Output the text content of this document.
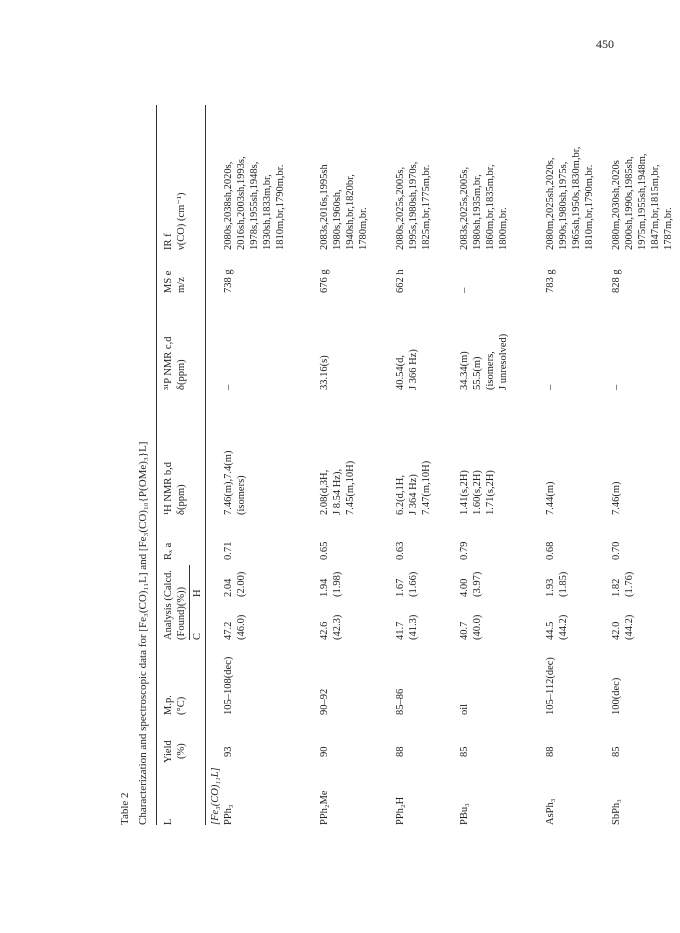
450
Table 2 Characterization and spectroscopic data for [Fe₃(CO)₁₁L] and [Fe₃(CO)₁₀{P(OMe)₃}L] L
Yield (%)
M.p. (°C)
Analysis (Calcd. (Found)(%)) C
H
Rₓ a
¹H NMR b,d δ(ppm)
³¹P NMR c,d δ(ppm)
MS e m/z
IR f ν(CO) (cm⁻¹)
[Fe₃(CO)₁₁L] PPh₃
93
105–108(dec)
47.2 (46.0)
2.04 (2.00)
0.71
7.46(m),7.4(m) (isomers)
–
738 g
2080s,2038sh,2020s, 2016sh,2003sh,1993s, 1978s,1955sh,1948s, 1930sh,1833m,br, 1810m,br,1790m,br.
PPh₂Me
90
90–92
42.6 (42.3)
1.94 (1.98)
0.65
2.08(d,3H, J 8.54 Hz), 7.45(m,10H)
33.16(s)
676 g
2083s,2016s,1995sh 1980s,1960sh, 1940sh,br,1820br, 1780m,br.
PPh₂H
88
85–86
41.7 (41.3)
1.67 (1.66)
0.63
6.2(d,1H, J 364 Hz) 7.47(m,10H)
40.54(d, J 366 Hz)
662 h
2080s,2025s,2005s, 1995s,1980sh,1970s, 1825m,br,1775m,br.
PBu₃
85
oil
40.7 (40.0)
4.00 (3.97)
0.79
1.41(s,2H) 1.60(s,2H) 1.71(s,2H)
34.34(m) 55.5(m) (isomers, J unresolved)
–
2083s,2025s,2005s, 1980sh,1935m,br, 1860m,br,1835m,br, 1800m,br.
AsPh₃
88
105–112(dec)
44.5 (44.2)
1.93 (1.85)
0.68
7.44(m)
–
783 g
2080m,2025sh,2020s, 1990s,1980sh,1975s, 1965sh,1950s,1830m,br, 1810m,br,1790m,br.
SbPh₃
85
100(dec)
42.0 (44.2)
1.82 (1.76)
0.70
7.46(m)
–
828 g
2080m,2030sh,2020s 2000sh,1990s,1985sh, 1975m,1955sh,1948m, 1847m,br,1815m,br, 1787m,br.
